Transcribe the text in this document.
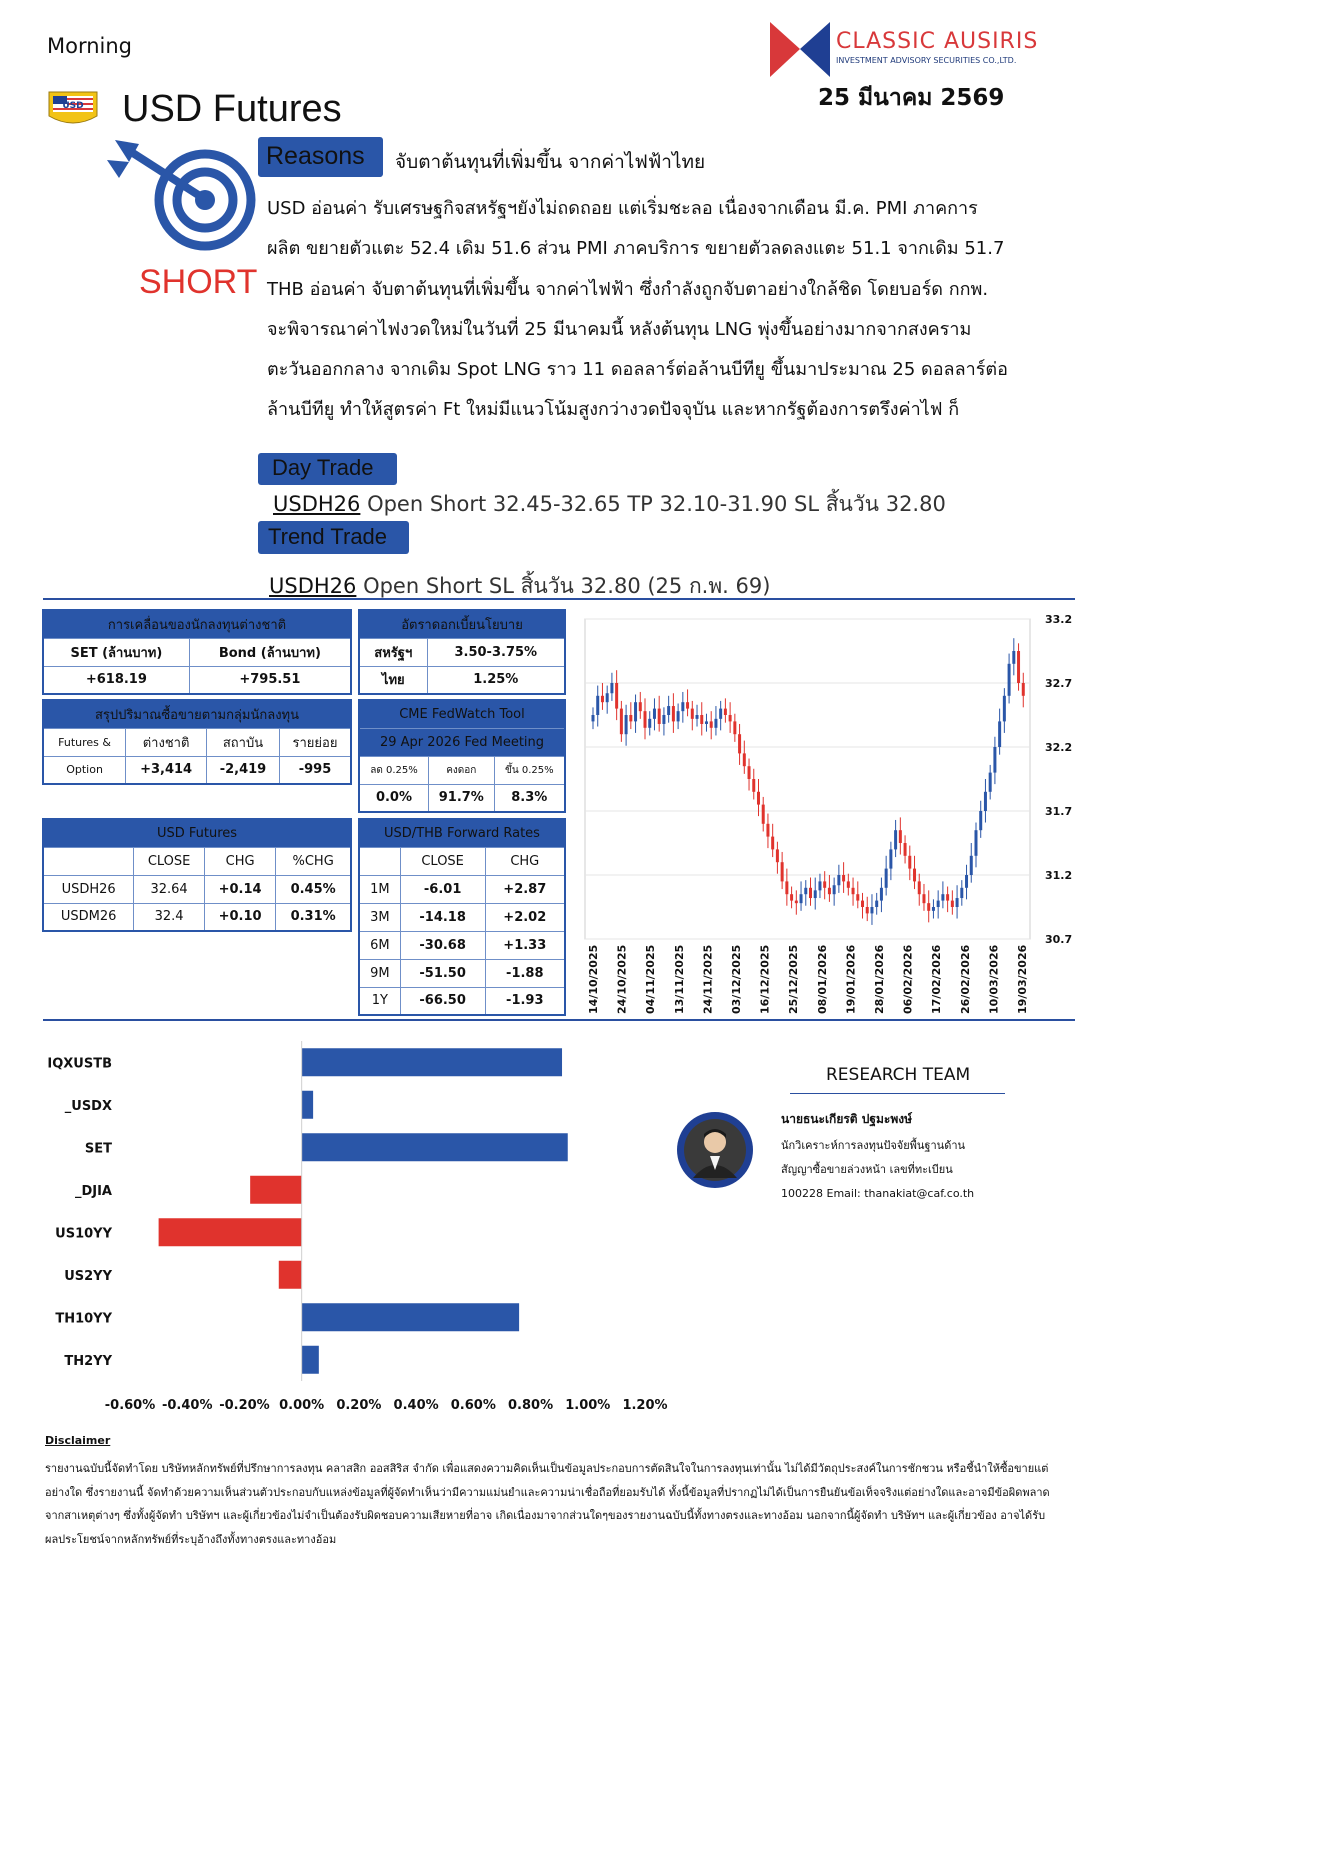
Morning	CLASSIC AUSIRIS
INVESTMENT ADVISORY SECURITIES CO.,LTD.
25 มีนาคม 2569
USD USD Futures
SHORT
Reasons	จับตาต้นทุนที่เพิ่มขึ้น จากค่าไฟฟ้าไทย
USD อ่อนค่า รับเศรษฐกิจสหรัฐฯยังไม่ถดถอย แต่เริ่มชะลอ เนื่องจากเดือน มี.ค. PMI ภาคการ
ผลิต ขยายตัวแตะ 52.4 เดิม 51.6 ส่วน PMI ภาคบริการ ขยายตัวลดลงแตะ 51.1 จากเดิม 51.7
THB อ่อนค่า จับตาต้นทุนที่เพิ่มขึ้น จากค่าไฟฟ้า ซึ่งกำลังถูกจับตาอย่างใกล้ชิด โดยบอร์ด กกพ.
จะพิจารณาค่าไฟงวดใหม่ในวันที่ 25 มีนาคมนี้ หลังต้นทุน LNG พุ่งขึ้นอย่างมากจากสงคราม
ตะวันออกกลาง จากเดิม Spot LNG ราว 11 ดอลลาร์ต่อล้านบีทียู ขึ้นมาประมาณ 25 ดอลลาร์ต่อ
ล้านบีทียู ทำให้สูตรค่า Ft ใหม่มีแนวโน้มสูงกว่างวดปัจจุบัน และหากรัฐต้องการตรึงค่าไฟ ก็
Day Trade
USDH26 Open Short 32.45-32.65 TP 32.10-31.90 SL สิ้นวัน 32.80
Trend Trade
USDH26 Open Short SL สิ้นวัน 32.80 (25 ก.พ. 69)
การเคลื่อนของนักลงทุนต่างชาติ	
SET (ล้านบาท)	Bond (ล้านบาท)
+618.19	+795.51
อัตราดอกเบี้ยนโยบาย	
สหรัฐฯ	3.50-3.75%
ไทย	1.25%
สรุปปริมาณซื้อขายตามกลุ่มนักลงทุน			
Futures &	ต่างชาติ	สถาบัน	รายย่อย
Option	+3,414	-2,419	-995
CME FedWatch Tool		
29 Apr 2026 Fed Meeting		
ลด 0.25%	คงดอก	ขึ้น 0.25%
0.0%	91.7%	8.3%
USD Futures			
	CLOSE	CHG	%CHG
USDH26	32.64	+0.14	0.45%
USDM26	32.4	+0.10	0.31%
USD/THB Forward Rates		
	CLOSE	CHG
1M	-6.01	+2.87
3M	-14.18	+2.02
6M	-30.68	+1.33
9M	-51.50	-1.88
1Y	-66.50	-1.93
33.2
32.7
32.2
31.7
31.2
30.7
14/10/2025 24/10/2025 04/11/2025 13/11/2025 24/11/2025 03/12/2025 16/12/2025 25/12/2025 08/01/2026 19/01/2026 28/01/2026 06/02/2026 17/02/2026 26/02/2026 10/03/2026 19/03/2026
IQXUSTB
_USDX
SET
_DJIA
US10YY
US2YY
TH10YY
TH2YY
-0.60% -0.40% -0.20% 0.00% 0.20% 0.40% 0.60% 0.80% 1.00% 1.20%
RESEARCH TEAM
นายธนะเกียรติ ปฐมะพงษ์
นักวิเคราะห์การลงทุนปัจจัยพื้นฐานด้าน
สัญญาซื้อขายล่วงหน้า เลขที่ทะเบียน
100228 Email: thanakiat@caf.co.th
Disclaimer
รายงานฉบับนี้จัดทำโดย บริษัทหลักทรัพย์ที่ปรึกษาการลงทุน คลาสสิก ออสสิริส จำกัด เพื่อแสดงความคิดเห็นเป็นข้อมูลประกอบการตัดสินใจในการลงทุนเท่านั้น ไม่ได้มีวัตถุประสงค์ในการชักชวน หรือชี้นำให้ซื้อขายแต่
อย่างใด ซึ่งรายงานนี้ จัดทำด้วยความเห็นส่วนตัวประกอบกับแหล่งข้อมูลที่ผู้จัดทำเห็นว่ามีความแม่นยำและความน่าเชื่อถือที่ยอมรับได้ ทั้งนี้ข้อมูลที่ปรากฏไม่ได้เป็นการยืนยันข้อเท็จจริงแต่อย่างใดและอาจมีข้อผิดพลาด
จากสาเหตุต่างๆ ซึ่งทั้งผู้จัดทำ บริษัทฯ และผู้เกี่ยวข้องไม่จำเป็นต้องรับผิดชอบความเสียหายที่อาจ เกิดเนื่องมาจากส่วนใดๆของรายงานฉบับนี้ทั้งทางตรงและทางอ้อม นอกจากนี้ผู้จัดทำ บริษัทฯ และผู้เกี่ยวข้อง อาจได้รับ
ผลประโยชน์จากหลักทรัพย์ที่ระบุอ้างถึงทั้งทางตรงและทางอ้อม
